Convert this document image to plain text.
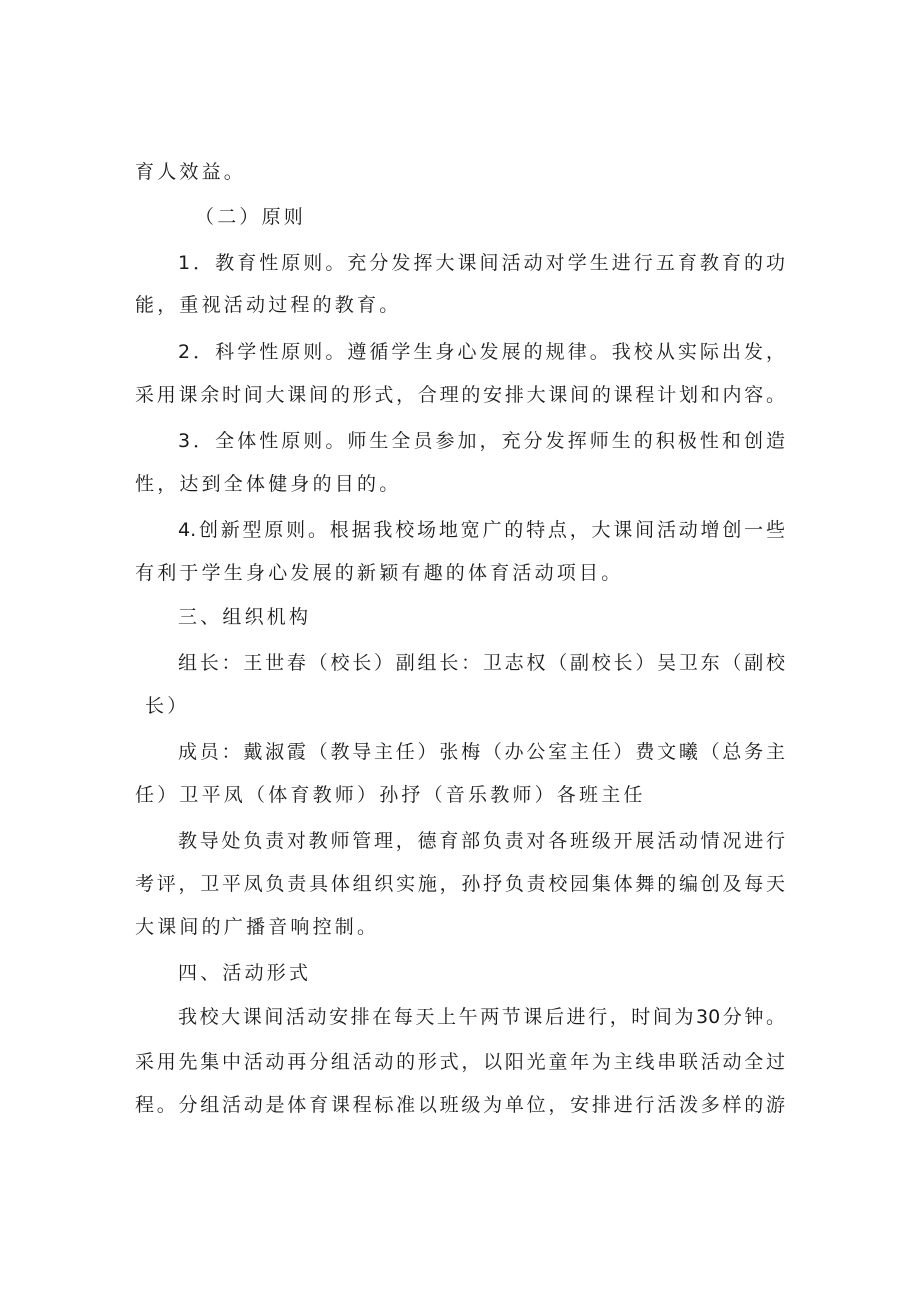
育人效益。
（二）原则
1．教育性原则。充分发挥大课间活动对学生进行五育教育的功
能，重视活动过程的教育。
2．科学性原则。遵循学生身心发展的规律。我校从实际出发，
采用课余时间大课间的形式，合理的安排大课间的课程计划和内容。
3．全体性原则。师生全员参加，充分发挥师生的积极性和创造
性，达到全体健身的目的。
4.创新型原则。根据我校场地宽广的特点，大课间活动增创一些
有利于学生身心发展的新颖有趣的体育活动项目。
三、组织机构
组长：王世春（校长）副组长：卫志权（副校长）吴卫东（副校
长）
成员：戴淑霞（教导主任）张梅（办公室主任）费文曦（总务主
任）卫平凤（体育教师）孙抒（音乐教师）各班主任
教导处负责对教师管理，德育部负责对各班级开展活动情况进行
考评，卫平凤负责具体组织实施，孙抒负责校园集体舞的编创及每天
大课间的广播音响控制。
四、活动形式
我校大课间活动安排在每天上午两节课后进行，时间为30分钟。
采用先集中活动再分组活动的形式，以阳光童年为主线串联活动全过
程。分组活动是体育课程标准以班级为单位，安排进行活泼多样的游
